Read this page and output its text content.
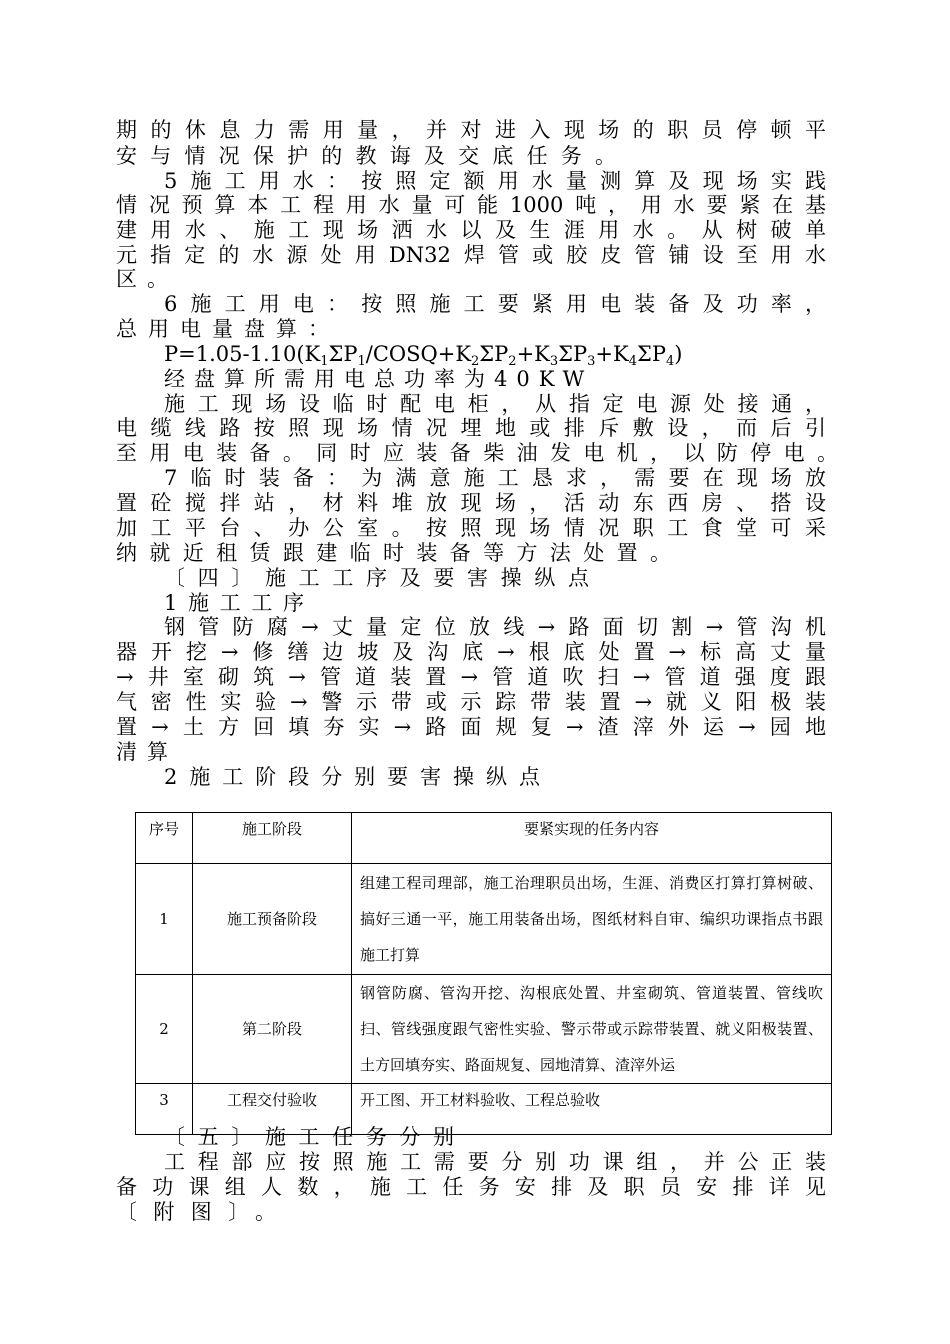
期的休息力需用量，并对进入现场的职员停顿平
安与情况保护的教诲及交底任务。
5施工用水：按照定额用水量测算及现场实践
情况预算本工程用水量可能1000吨，用水要紧在基
建用水、施工现场洒水以及生涯用水。从树破单
元指定的水源处用DN32焊管或胶皮管铺设至用水
区。
6施工用电：按照施工要紧用电装备及功率，
总用电量盘算：
$P=1.05-1.10(K_1\Sigma P_1/COSQ+K_2\Sigma P_2+K_3\Sigma P_3+K_4\Sigma P_4)$
经盘算所需用电总功率为40KW
施工现场设临时配电柜，从指定电源处接通，
电缆线路按照现场情况埋地或排斥敷设，而后引
至用电装备。同时应装备柴油发电机，以防停电。
7临时装备：为满意施工恳求，需要在现场放
置砼搅拌站，材料堆放现场，活动东西房、搭设
加工平台、办公室。按照现场情况职工食堂可采
纳就近租赁跟建临时装备等方法处置。
〔四〕施工工序及要害操纵点
1施工工序
钢管防腐→丈量定位放线→路面切割→管沟机
器开挖→修缮边坡及沟底→根底处置→标高丈量
→井室砌筑→管道装置→管道吹扫→管道强度跟
气密性实验→警示带或示踪带装置→就义阳极装
置→土方回填夯实→路面规复→渣滓外运→园地
清算
2施工阶段分别要害操纵点
序号	施工阶段	要紧实现的任务内容
1	施工预备阶段	组建工程司理部，施工治理职员出场，生涯、消费区打算打算树破、搞好三通一平，施工用装备出场，图纸材料自审、编织功课指点书跟施工打算
2	第二阶段	钢管防腐、管沟开挖、沟根底处置、井室砌筑、管道装置、管线吹扫、管线强度跟气密性实验、警示带或示踪带装置、就义阳极装置、土方回填夯实、路面规复、园地清算、渣滓外运
3	工程交付验收	开工图、开工材料验收、工程总验收
〔五〕施工任务分别
工程部应按照施工需要分别功课组，并公正装
备功课组人数，施工任务安排及职员安排详见
〔附图〕。
